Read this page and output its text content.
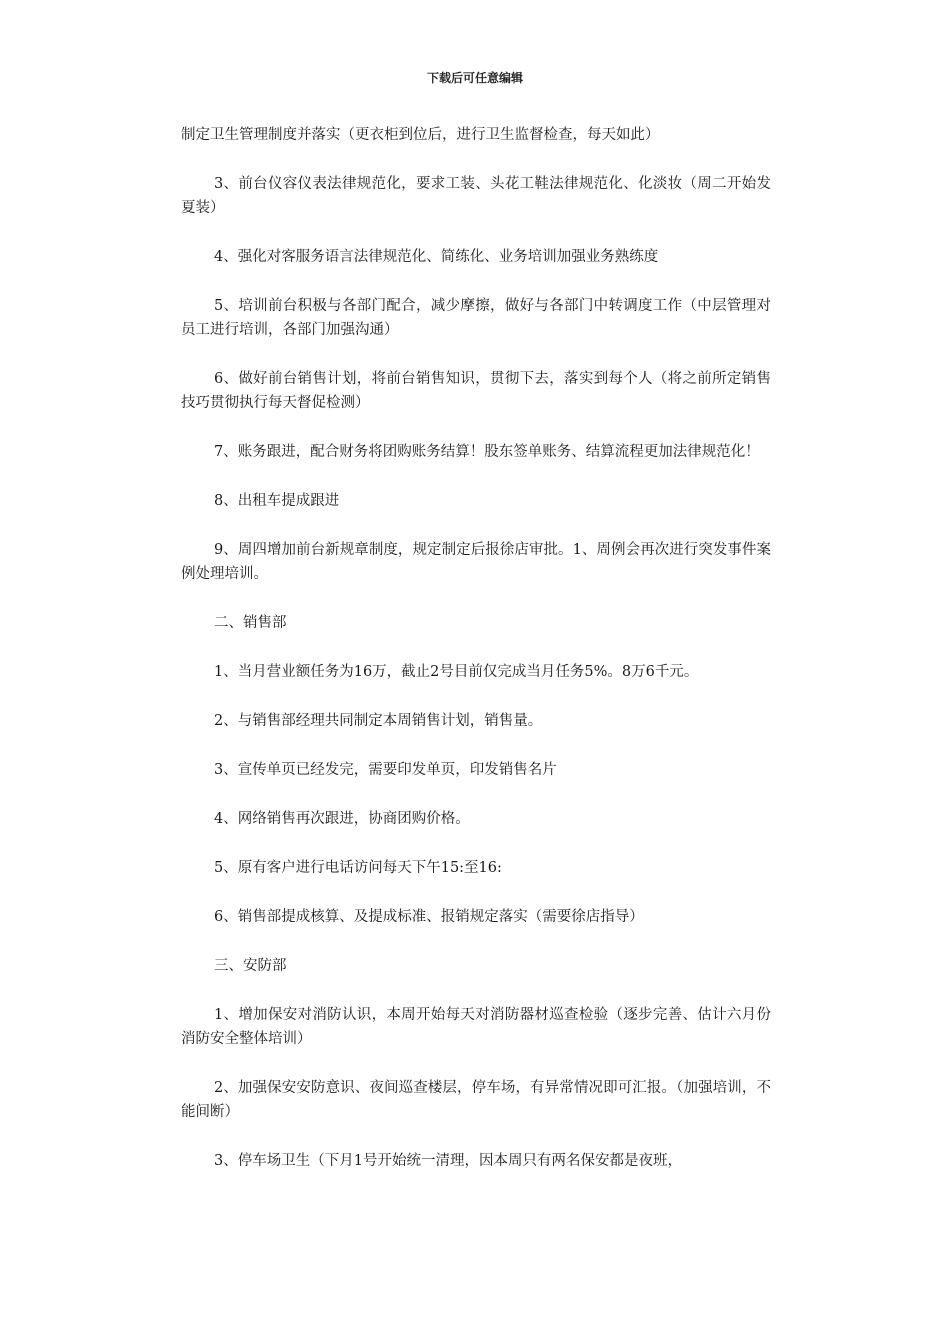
下载后可任意编辑

制定卫生管理制度并落实（更衣柜到位后，进行卫生监督检查，每天如此）

3、前台仪容仪表法律规范化，要求工装、头花工鞋法律规范化、化淡妆（周二开始发夏装）

4、强化对客服务语言法律规范化、简练化、业务培训加强业务熟练度

5、培训前台积极与各部门配合，减少摩擦，做好与各部门中转调度工作（中层管理对员工进行培训，各部门加强沟通）

6、做好前台销售计划，将前台销售知识，贯彻下去，落实到每个人（将之前所定销售技巧贯彻执行每天督促检测）

7、账务跟进，配合财务将团购账务结算！股东签单账务、结算流程更加法律规范化！

8、出租车提成跟进

9、周四增加前台新规章制度，规定制定后报徐店审批。1、周例会再次进行突发事件案例处理培训。

二、销售部

1、当月营业额任务为16万，截止2号目前仅完成当月任务5%。8万6千元。

2、与销售部经理共同制定本周销售计划，销售量。

3、宣传单页已经发完，需要印发单页，印发销售名片

4、网络销售再次跟进，协商团购价格。

5、原有客户进行电话访问每天下午15:至16:

6、销售部提成核算、及提成标准、报销规定落实（需要徐店指导）

三、安防部

1、增加保安对消防认识，本周开始每天对消防器材巡查检验（逐步完善、估计六月份消防安全整体培训）

2、加强保安安防意识、夜间巡查楼层，停车场，有异常情况即可汇报。（加强培训，不能间断）

3、停车场卫生（下月1号开始统一清理，因本周只有两名保安都是夜班，
